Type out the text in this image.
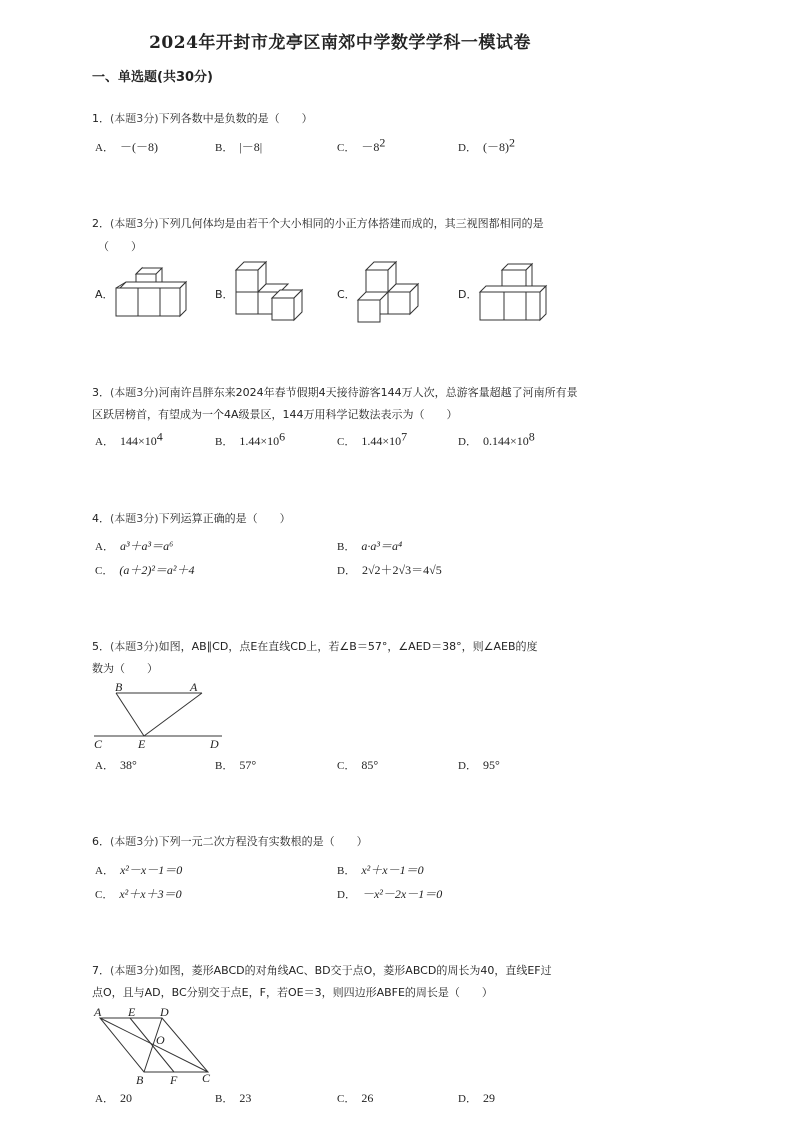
2024年开封市龙亭区南郊中学数学学科一模试卷
一、单选题(共30分)
1．(本题3分)下列各数中是负数的是（　　）
A． －(－8)	B． |－8|	C． $-8^2$	D． $(-8)^2$
2．(本题3分)下列几何体均是由若干个大小相同的小正方体搭建而成的，其三视图都相同的是
（　　）
A．	B．	C．	D．
3．(本题3分)河南许昌胖东来2024年春节假期4天接待游客144万人次，总游客量超越了河南所有景
区跃居榜首，有望成为一个4A级景区，144万用科学记数法表示为（　　）
A． $144\times 10^4$	B． $1.44\times 10^6$	C． $1.44\times 10^7$	D． $0.144\times 10^8$
4．(本题3分)下列运算正确的是（　　）
A． a³＋a³＝a⁶	B． a·a³＝a⁴
C． (a＋2)²＝a²＋4	D． 2√2＋2√3＝4√5
5．(本题3分)如图，AB∥CD，点E在直线CD上，若∠B＝57°，∠AED＝38°，则∠AEB的度
数为（　　）
B	A
C	E	D
A． 38°	B． 57°	C． 85°	D． 95°
6．(本题3分)下列一元二次方程没有实数根的是（　　）
A． x²－x－1＝0	B． x²＋x－1＝0
C． x²＋x＋3＝0	D． －x²－2x－1＝0
7．(本题3分)如图，菱形ABCD的对角线AC、BD交于点O，菱形ABCD的周长为40，直线EF过
点O，且与AD，BC分别交于点E，F，若OE＝3，则四边形ABFE的周长是（　　）
A E D
O
B F C
A． 20	B． 23	C． 26	D． 29
